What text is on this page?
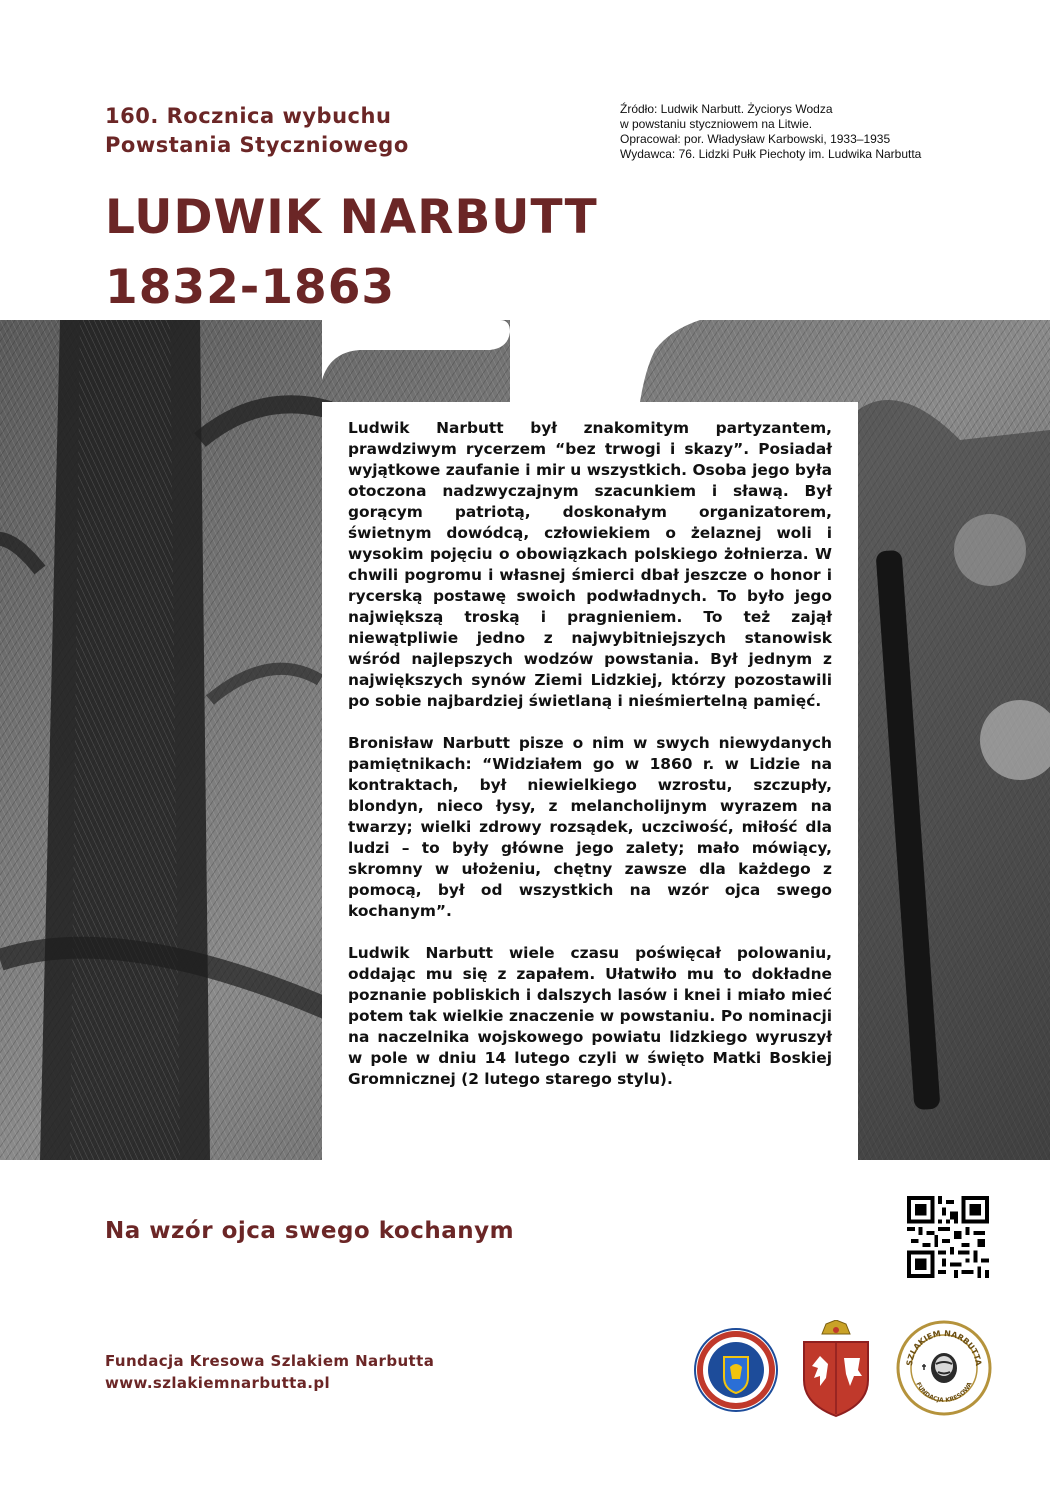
160. Rocznica wybuchu
Powstania Styczniowego
Źródło: Ludwik Narbutt. Życiorys Wodza
w powstaniu styczniowem na Litwie.
Opracował: por. Władysław Karbowski, 1933–1935
Wydawca: 76. Lidzki Pułk Piechoty im. Ludwika Narbutta
LUDWIK NARBUTT
1832-1863

Ludwik Narbutt był znakomitym partyzantem, prawdziwym rycerzem “bez trwogi i skazy”. Posiadał wyjątkowe zaufanie i mir u wszystkich. Osoba jego była otoczona nadzwyczajnym szacunkiem i sławą. Był gorącym patriotą, doskonałym organizatorem, świetnym dowódcą, człowiekiem o żelaznej woli i wysokim pojęciu o obowiązkach polskiego żołnierza. W chwili pogromu i własnej śmierci dbał jeszcze o honor i rycerską postawę swoich podwładnych. To było jego największą troską i pragnieniem. To też zajął niewątpliwie jedno z najwybitniejszych stanowisk wśród najlepszych wodzów powstania. Był jednym z największych synów Ziemi Lidzkiej, którzy pozostawili po sobie najbardziej świetlaną i nieśmiertelną pamięć.

Bronisław Narbutt pisze o nim w swych niewydanych pamiętnikach: “Widziałem go w 1860 r. w Lidzie na kontraktach, był niewielkiego wzrostu, szczupły, blondyn, nieco łysy, z melancholijnym wyrazem na twarzy; wielki zdrowy rozsądek, uczciwość, miłość dla ludzi – to były główne jego zalety; mało mówiący, skromny w ułożeniu, chętny zawsze dla każdego z pomocą, był od wszystkich na wzór ojca swego kochanym”.

Ludwik Narbutt wiele czasu poświęcał polowaniu, oddając mu się z zapałem. Ułatwiło mu to dokładne poznanie pobliskich i dalszych lasów i knei i miało mieć potem tak wielkie znaczenie w powstaniu. Po nominacji na naczelnika wojskowego powiatu lidzkiego wyruszył w pole w dniu 14 lutego czyli w święto Matki Boskiej Gromnicznej (2 lutego starego stylu).

Na wzór ojca swego kochanym
Fundacja Kresowa Szlakiem Narbutta
www.szlakiemnarbutta.pl
SZLAKIEM NARBUTTA
FUNDACJA KRESOWA
